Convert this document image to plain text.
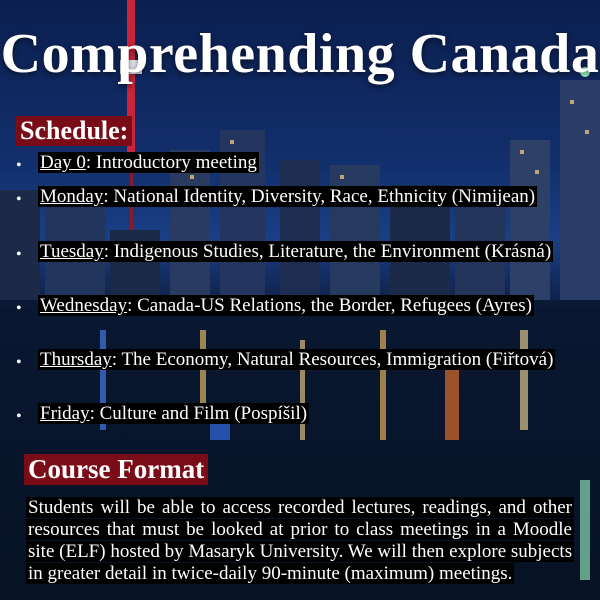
Comprehending Canada
Schedule:
• Day 0: Introductory meeting
• Monday: National Identity, Diversity, Race, Ethnicity (Nimijean)
• Tuesday: Indigenous Studies, Literature, the Environment (Krásná)
• Wednesday: Canada-US Relations, the Border, Refugees (Ayres)
• Thursday: The Economy, Natural Resources, Immigration (Fiřtová)
• Friday: Culture and Film (Pospíšil)
Course Format
Students will be able to access recorded lectures, readings, and other resources that must be looked at prior to class meetings in a Moodle site (ELF) hosted by Masaryk University. We will then explore subjects in greater detail in twice-daily 90-minute (maximum) meetings.
